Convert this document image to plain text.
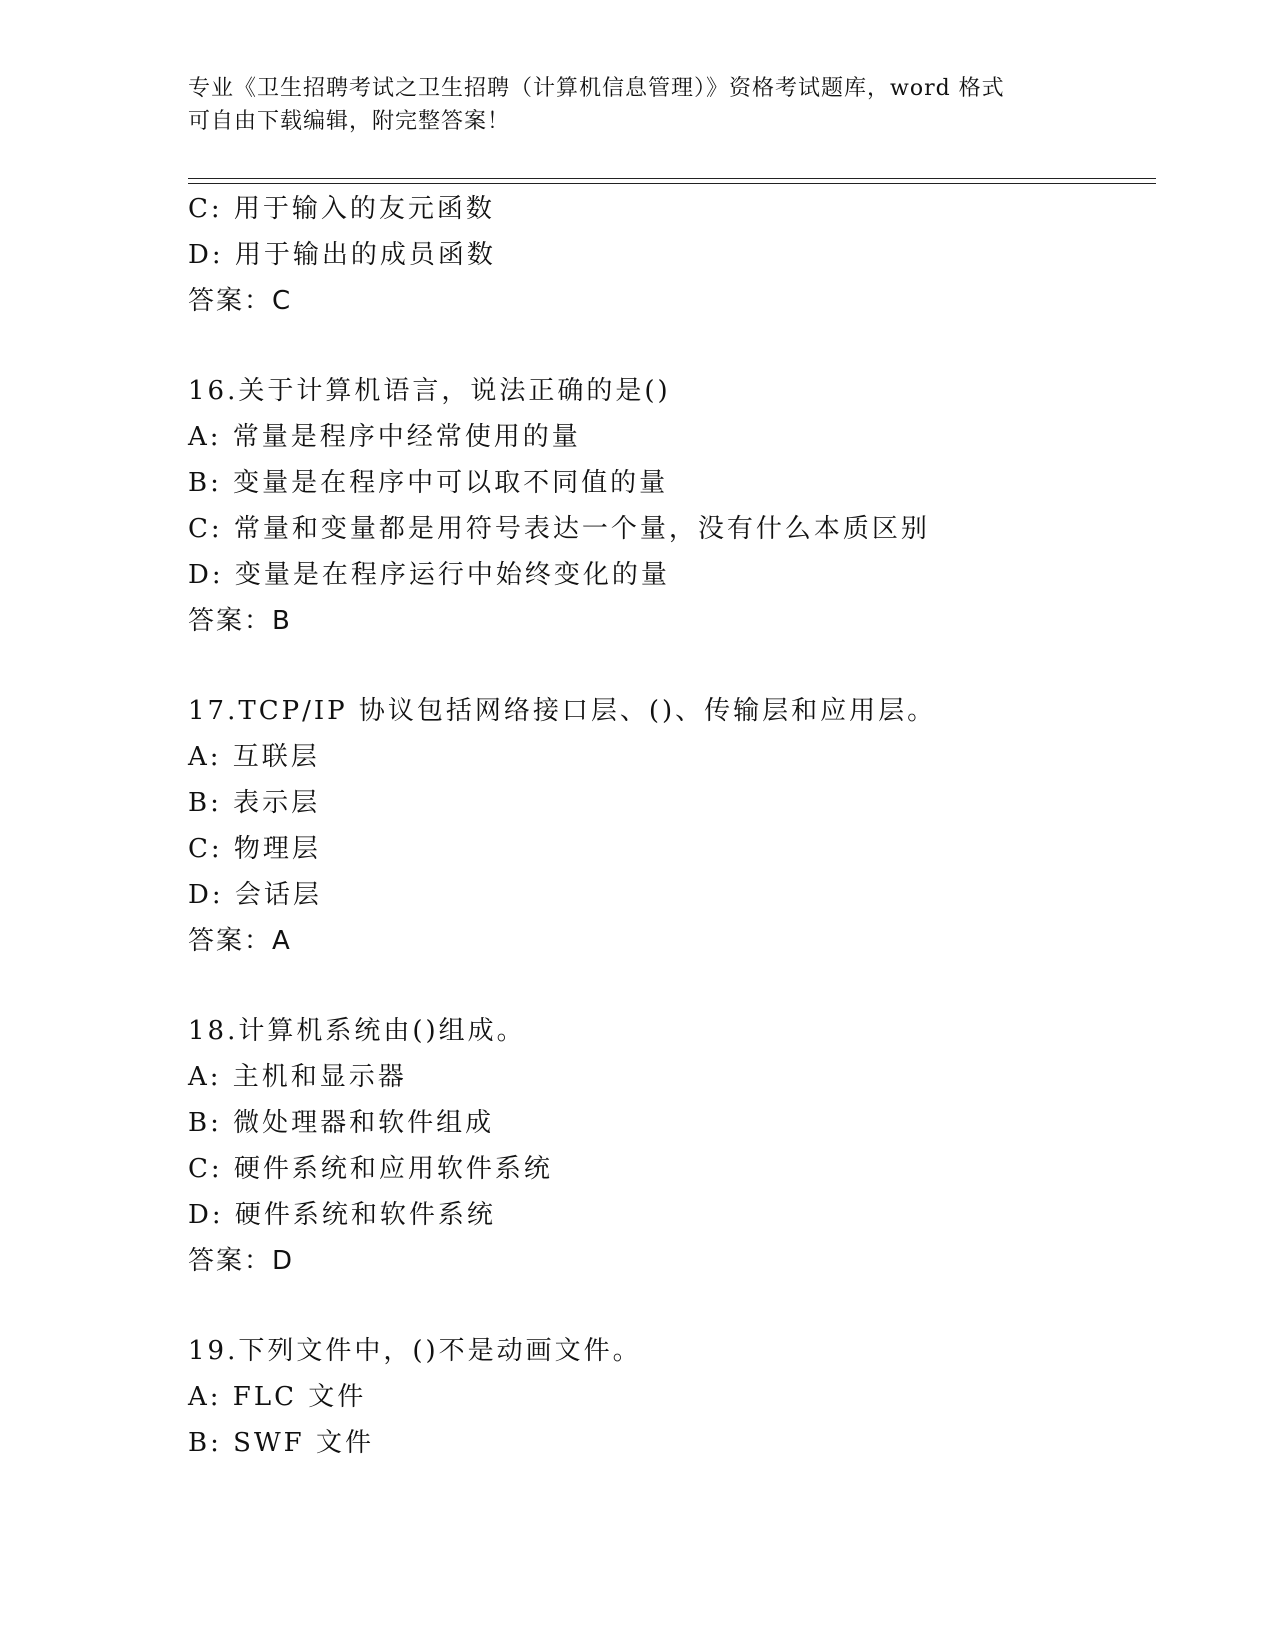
专业《卫生招聘考试之卫生招聘（计算机信息管理）》资格考试题库，word 格式
可自由下载编辑，附完整答案！
C: 用于输入的友元函数
D: 用于输出的成员函数
答案：C
16.关于计算机语言，说法正确的是()
A: 常量是程序中经常使用的量
B: 变量是在程序中可以取不同值的量
C: 常量和变量都是用符号表达一个量，没有什么本质区别
D: 变量是在程序运行中始终变化的量
答案：B
17.TCP/IP 协议包括网络接口层、()、传输层和应用层。
A: 互联层
B: 表示层
C: 物理层
D: 会话层
答案：A
18.计算机系统由()组成。
A: 主机和显示器
B: 微处理器和软件组成
C: 硬件系统和应用软件系统
D: 硬件系统和软件系统
答案：D
19.下列文件中，()不是动画文件。
A: FLC 文件
B: SWF 文件
